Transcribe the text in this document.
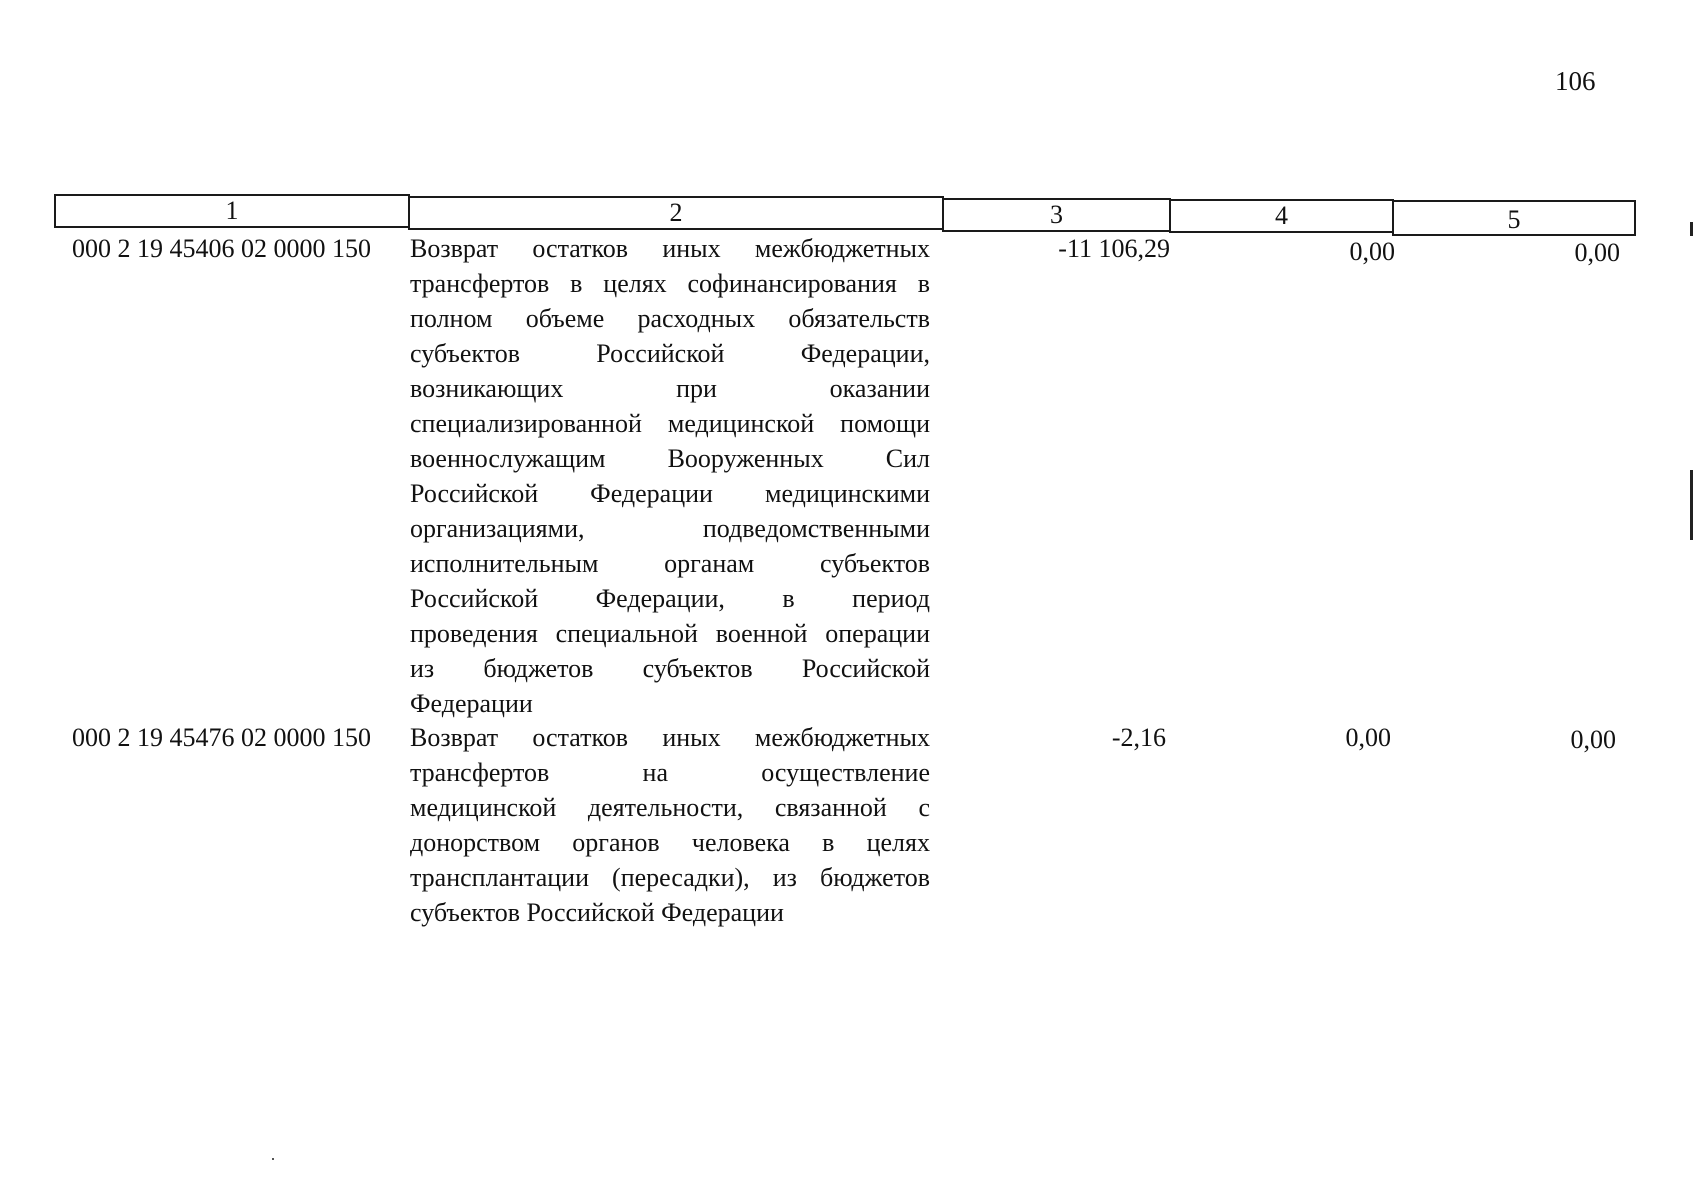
106
1	2	3	4	5
000 2 19 45406 02 0000 150	Возврат остатков иных межбюджетных
трансфертов в целях софинансирования в
полном объеме расходных обязательств
субъектов Российской Федерации,
возникающих при оказании
специализированной медицинской помощи
военнослужащим Вооруженных Сил
Российской Федерации медицинскими
организациями, подведомственными
исполнительным органам субъектов
Российской Федерации, в период
проведения специальной военной операции
из бюджетов субъектов Российской
Федерации
-11 106,29	0,00	0,00
000 2 19 45476 02 0000 150	Возврат остатков иных межбюджетных
трансфертов на осуществление
медицинской деятельности, связанной с
донорством органов человека в целях
трансплантации (пересадки), из бюджетов
субъектов Российской Федерации
-2,16	0,00	0,00
